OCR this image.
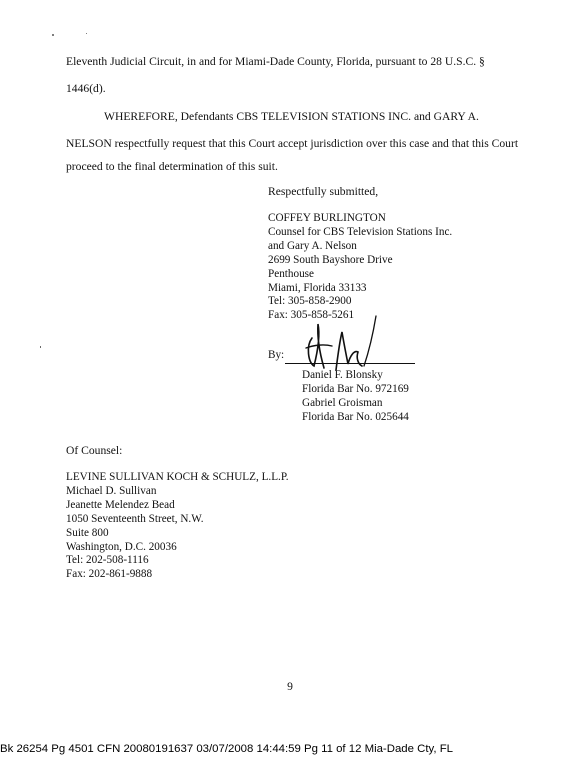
Eleventh Judicial Circuit, in and for Miami-Dade County, Florida, pursuant to 28 U.S.C. §
1446(d).
WHEREFORE, Defendants CBS TELEVISION STATIONS INC. and GARY A.
NELSON respectfully request that this Court accept jurisdiction over this case and that this Court
proceed to the final determination of this suit.
Respectfully submitted,
COFFEY BURLINGTON
Counsel for CBS Television Stations Inc.
and Gary A. Nelson
2699 South Bayshore Drive
Penthouse
Miami, Florida 33133
Tel: 305-858-2900
Fax: 305-858-5261
By:
Daniel F. Blonsky
Florida Bar No. 972169
Gabriel Groisman
Florida Bar No. 025644
Of Counsel:
LEVINE SULLIVAN KOCH & SCHULZ, L.L.P.
Michael D. Sullivan
Jeanette Melendez Bead
1050 Seventeenth Street, N.W.
Suite 800
Washington, D.C. 20036
Tel: 202-508-1116
Fax: 202-861-9888
9
Bk 26254 Pg 4501 CFN 20080191637 03/07/2008 14:44:59 Pg 11 of 12 Mia-Dade Cty, FL
